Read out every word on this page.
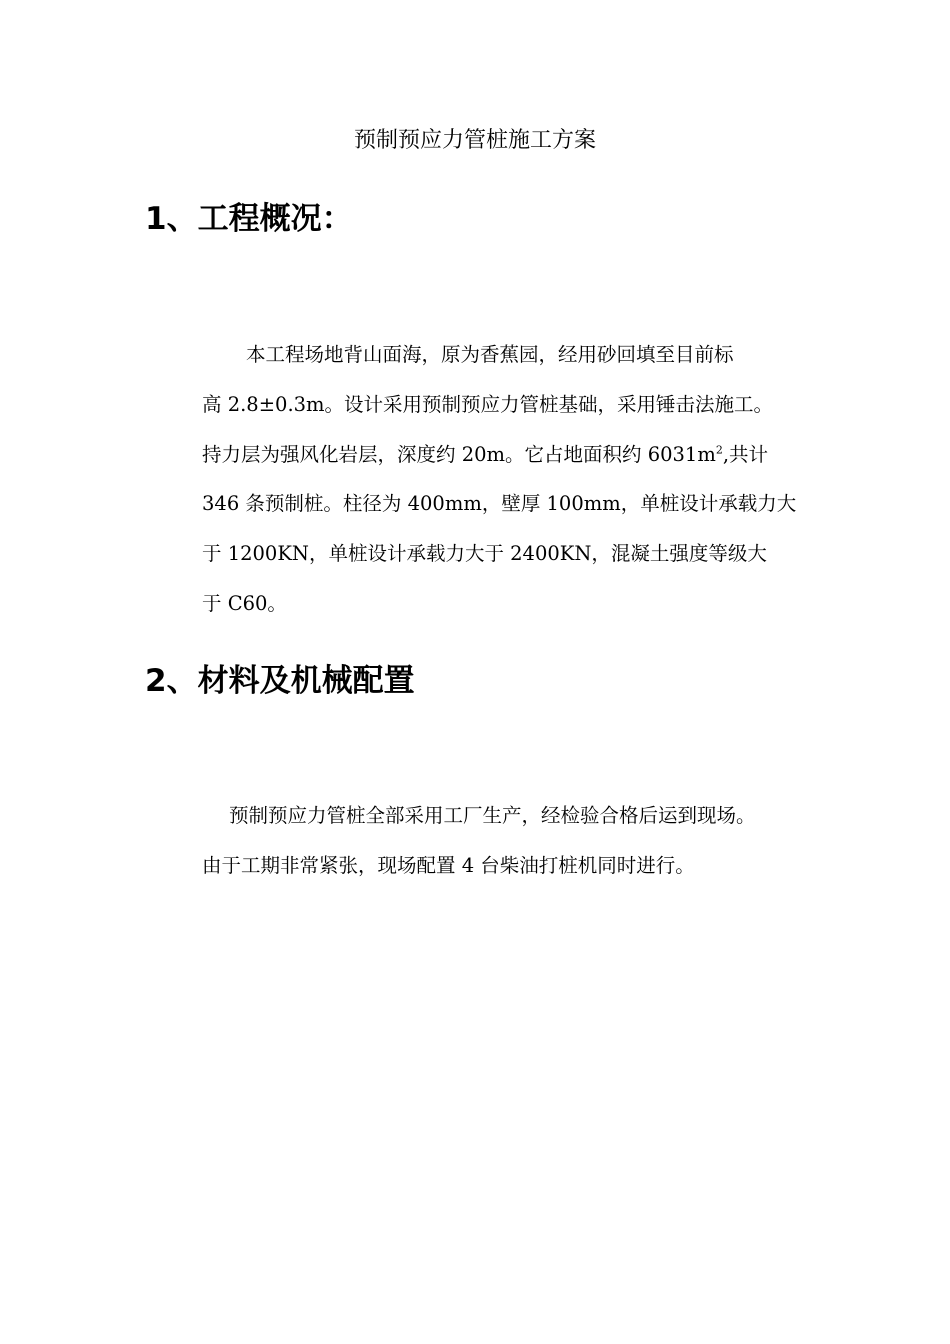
预制预应力管桩施工方案
1、工程概况：
本工程场地背山面海，原为香蕉园，经用砂回填至目前标
高 2.8±0.3m。设计采用预制预应力管桩基础，采用锤击法施工。
持力层为强风化岩层，深度约 20m。它占地面积约 $6031m^2$,共计
346 条预制桩。柱径为 400mm，壁厚 100mm，单桩设计承载力大
于 1200KN，单桩设计承载力大于 2400KN，混凝土强度等级大
于 C60。
2、材料及机械配置
预制预应力管桩全部采用工厂生产，经检验合格后运到现场。
由于工期非常紧张，现场配置 4 台柴油打桩机同时进行。
